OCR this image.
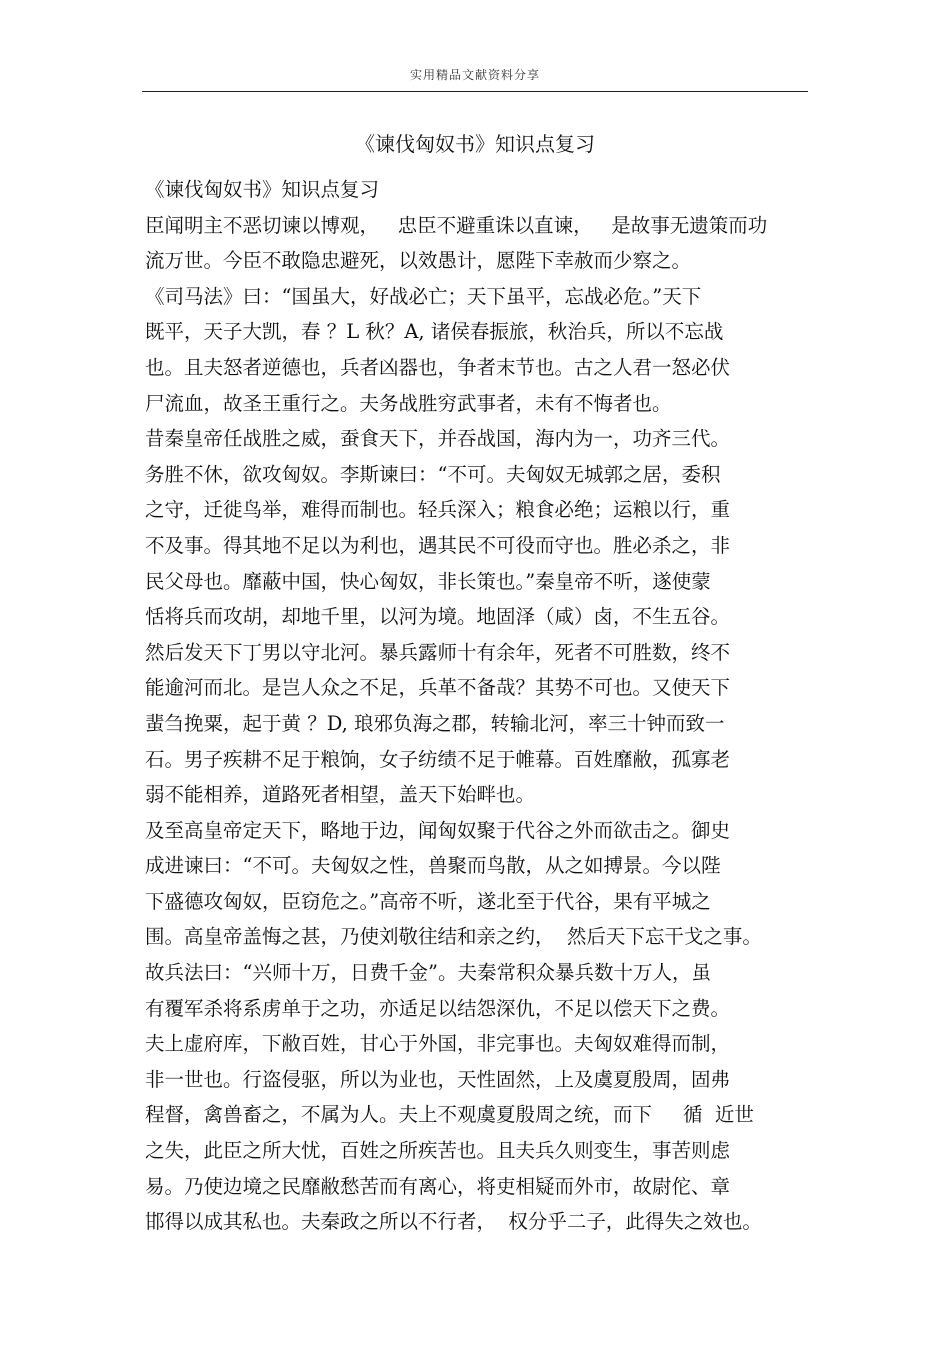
实用精品文献资料分享
《谏伐匈奴书》知识点复习
《谏伐匈奴书》知识点复习
臣闻明主不恶切谏以博观，   忠臣不避重诛以直谏，   是故事无遗策而功
流万世。今臣不敢隐忠避死，以效愚计，愿陛下幸赦而少察之。
《司马法》曰：“国虽大，好战必亡；天下虽平，忘战必危。”天下
既平，天子大凯，春 ？L 秋？A, 诸侯春振旅，秋治兵，所以不忘战
也。且夫怒者逆德也，兵者凶器也，争者末节也。古之人君一怒必伏
尸流血，故圣王重行之。夫务战胜穷武事者，未有不悔者也。
昔秦皇帝任战胜之威，蚕食天下，并吞战国，海内为一，功齐三代。
务胜不休，欲攻匈奴。李斯谏曰：“不可。夫匈奴无城郭之居，委积
之守，迁徙鸟举，难得而制也。轻兵深入；粮食必绝；运粮以行，重
不及事。得其地不足以为利也，遇其民不可役而守也。胜必杀之，非
民父母也。靡蔽中国，快心匈奴，非长策也。”秦皇帝不听，遂使蒙
恬将兵而攻胡，却地千里，以河为境。地固泽（咸）卤，不生五谷。
然后发天下丁男以守北河。暴兵露师十有余年，死者不可胜数，终不
能逾河而北。是岂人众之不足，兵革不备哉？其势不可也。又使天下
蜚刍挽粟，起于黄 ？D, 琅邪负海之郡，转输北河，率三十钟而致一
石。男子疾耕不足于粮饷，女子纺绩不足于帷幕。百姓靡敝，孤寡老
弱不能相养，道路死者相望，盖天下始畔也。
及至高皇帝定天下，略地于边，闻匈奴聚于代谷之外而欲击之。御史
成进谏曰：“不可。夫匈奴之性，兽聚而鸟散，从之如搏景。今以陛
下盛德攻匈奴，臣窃危之。”高帝不听，遂北至于代谷，果有平城之
围。高皇帝盖悔之甚，乃使刘敬往结和亲之约，  然后天下忘干戈之事。
故兵法曰：“兴师十万，日费千金”。夫秦常积众暴兵数十万人，虽
有覆军杀将系虏单于之功，亦适足以结怨深仇，不足以偿天下之费。
夫上虚府库，下敝百姓，甘心于外国，非完事也。夫匈奴难得而制，
非一世也。行盗侵驱，所以为业也，天性固然，上及虞夏殷周，固弗
程督，禽兽畜之，不属为人。夫上不观虞夏殷周之统，而下     循  近世
之失，此臣之所大忧，百姓之所疾苦也。且夫兵久则变生，事苦则虑
易。乃使边境之民靡敝愁苦而有离心，将吏相疑而外市，故尉佗、章
邯得以成其私也。夫秦政之所以不行者，  权分乎二子，此得失之效也。
